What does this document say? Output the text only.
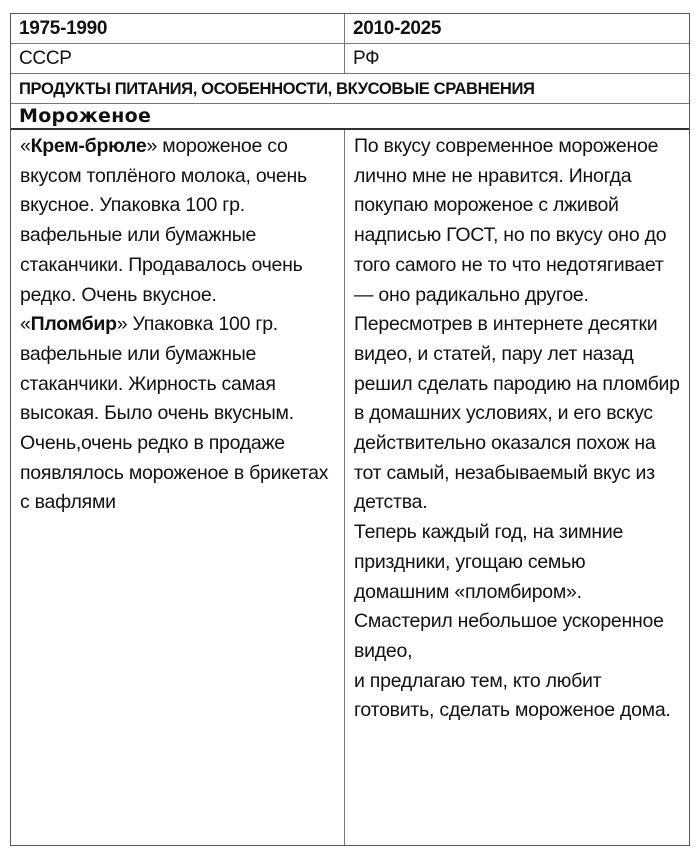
1975-1990	2010-2025
СССР	РФ
ПРОДУКТЫ ПИТАНИЯ, ОСОБЕННОСТИ, ВКУСОВЫЕ СРАВНЕНИЯ
Мороженое
«Крем-брюле» мороженое со вкусом топлёного молока, очень вкусное. Упаковка 100 гр. вафельные или бумажные стаканчики. Продавалось очень редко. Очень вкусное.
«Пломбир» Упаковка 100 гр. вафельные или бумажные стаканчики. Жирность самая высокая. Было очень вкусным.
Очень,очень редко в продаже появлялось мороженое в брикетах с вафлями
По вкусу современное мороженое лично мне не нравится. Иногда покупаю мороженое с лживой надписью ГОСТ, но по вкусу оно до того самого не то что недотягивает — оно радикально другое.
Пересмотрев в интернете десятки видео, и статей, пару лет назад решил сделать пародию на пломбир в домашних условиях, и его вскус действительно оказался похож на тот самый, незабываемый вкус из детства.
Теперь каждый год, на зимние приздники, угощаю семью домашним «пломбиром».
Смастерил небольшое ускоренное видео,
и предлагаю тем, кто любит готовить, сделать мороженое дома.
